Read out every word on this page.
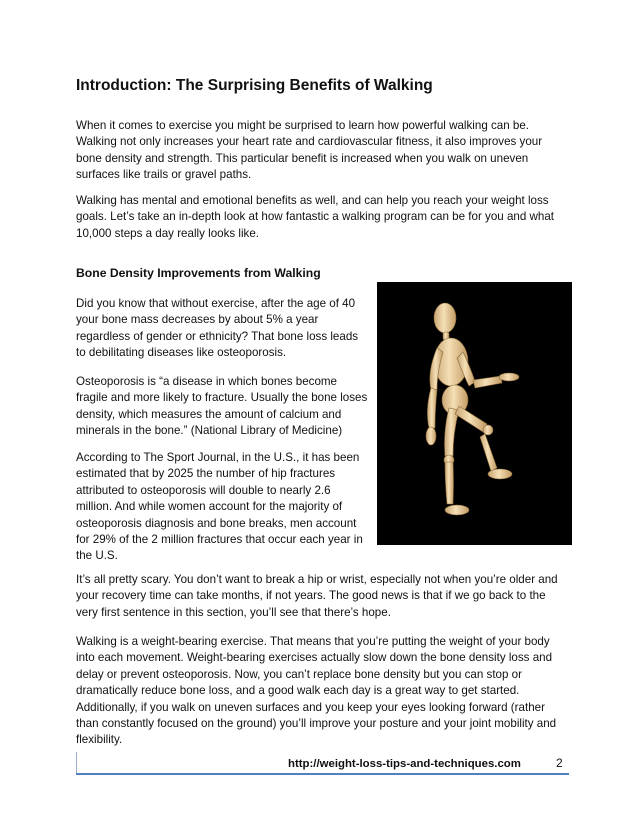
Introduction: The Surprising Benefits of Walking

When it comes to exercise you might be surprised to learn how powerful walking can be. Walking not only increases your heart rate and cardiovascular fitness, it also improves your bone density and strength. This particular benefit is increased when you walk on uneven surfaces like trails or gravel paths.

Walking has mental and emotional benefits as well, and can help you reach your weight loss goals. Let’s take an in-depth look at how fantastic a walking program can be for you and what 10,000 steps a day really looks like.

Bone Density Improvements from Walking

Did you know that without exercise, after the age of 40 your bone mass decreases by about 5% a year regardless of gender or ethnicity? That bone loss leads to debilitating diseases like osteoporosis.

Osteoporosis is “a disease in which bones become fragile and more likely to fracture. Usually the bone loses density, which measures the amount of calcium and minerals in the bone.” (National Library of Medicine)

According to The Sport Journal, in the U.S., it has been estimated that by 2025 the number of hip fractures attributed to osteoporosis will double to nearly 2.6 million. And while women account for the majority of osteoporosis diagnosis and bone breaks, men account for 29% of the 2 million fractures that occur each year in the U.S.

It’s all pretty scary. You don’t want to break a hip or wrist, especially not when you’re older and your recovery time can take months, if not years. The good news is that if we go back to the very first sentence in this section, you’ll see that there’s hope.

Walking is a weight-bearing exercise. That means that you’re putting the weight of your body into each movement. Weight-bearing exercises actually slow down the bone density loss and delay or prevent osteoporosis. Now, you can’t replace bone density but you can stop or dramatically reduce bone loss, and a good walk each day is a great way to get started. Additionally, if you walk on uneven surfaces and you keep your eyes looking forward (rather than constantly focused on the ground) you’ll improve your posture and your joint mobility and flexibility.

http://weight-loss-tips-and-techniques.com	2
